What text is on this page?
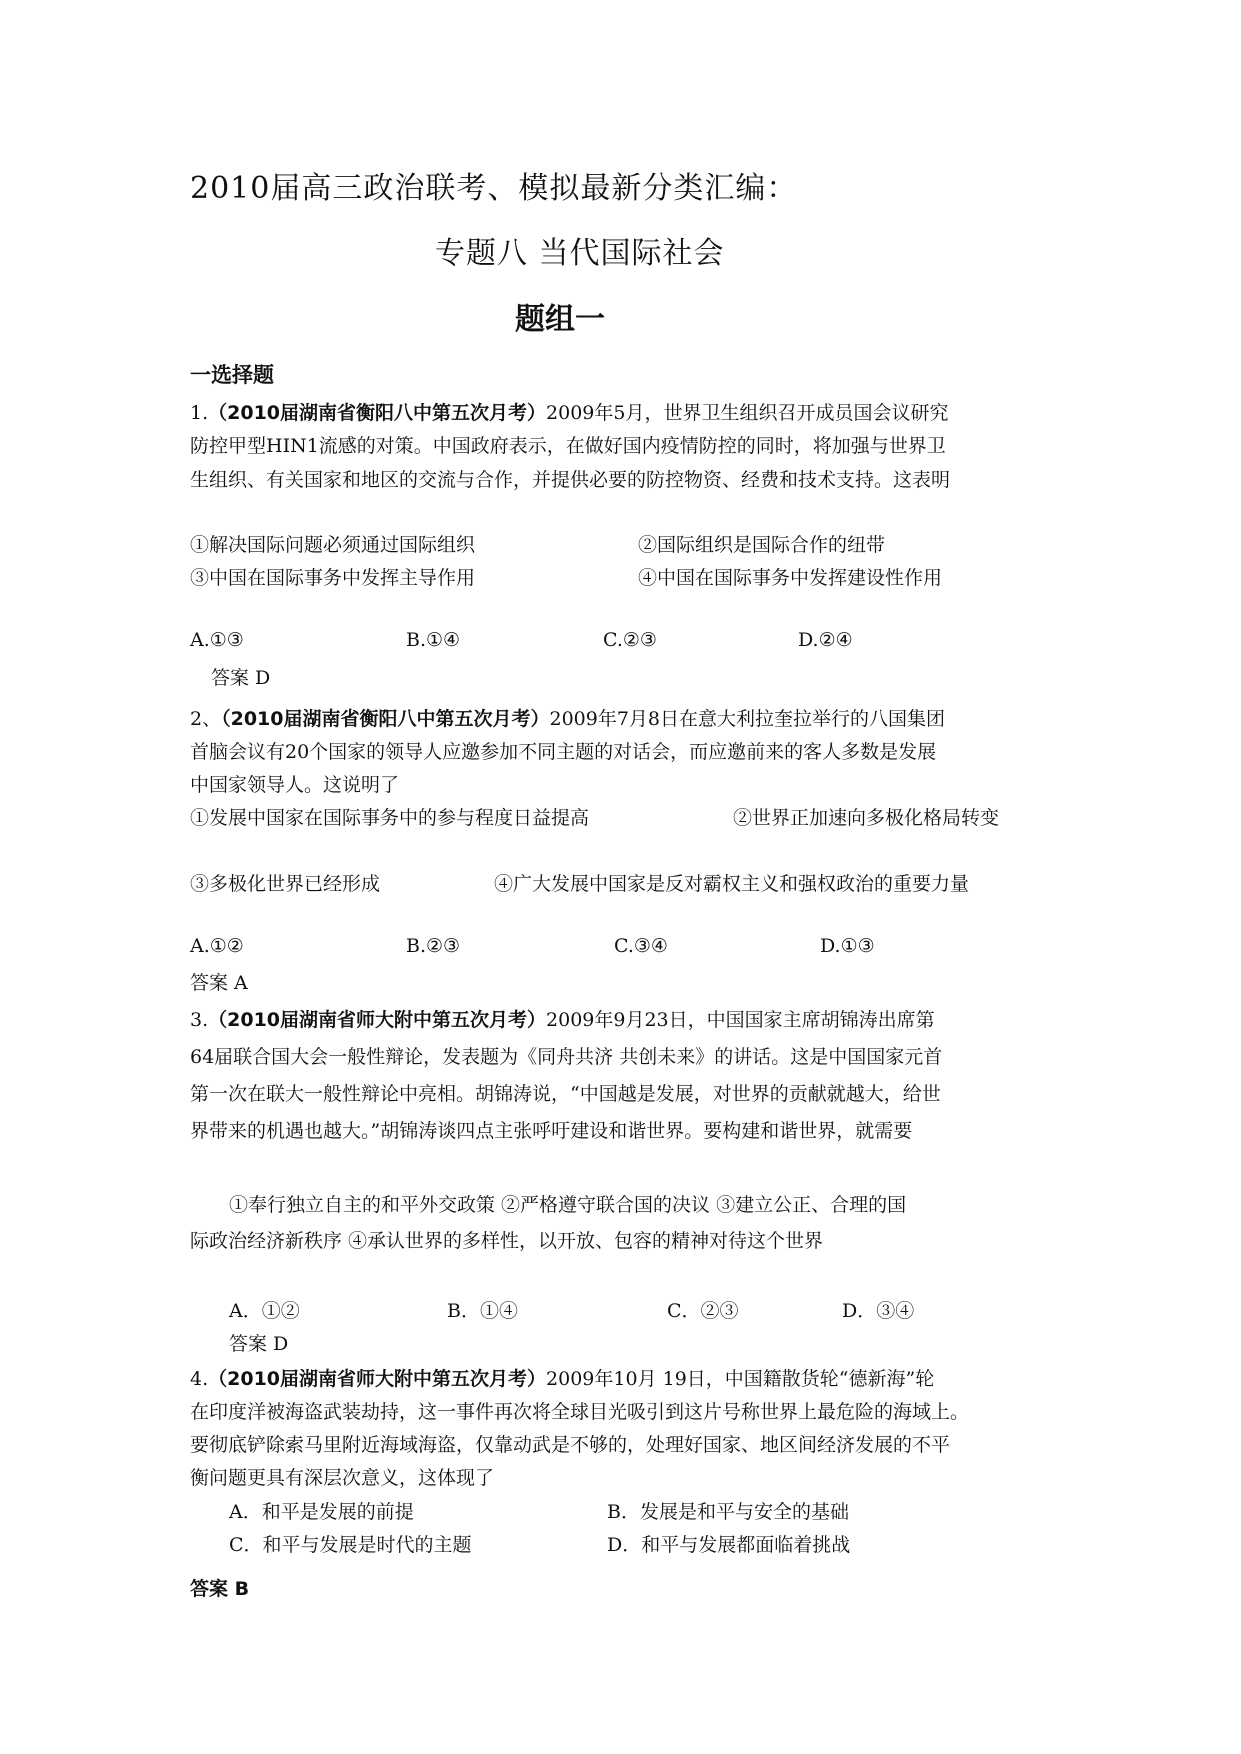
2010届高三政治联考、模拟最新分类汇编：
专题八 当代国际社会
题组一
一选择题
1.（2010届湖南省衡阳八中第五次月考）2009年5月，世界卫生组织召开成员国会议研究
防控甲型HIN1流感的对策。中国政府表示，在做好国内疫情防控的同时，将加强与世界卫
生组织、有关国家和地区的交流与合作，并提供必要的防控物资、经费和技术支持。这表明
①解决国际问题必须通过国际组织	②国际组织是国际合作的纽带
③中国在国际事务中发挥主导作用	④中国在国际事务中发挥建设性作用
A.①③	B.①④	C.②③	D.②④
答案 D
2、（2010届湖南省衡阳八中第五次月考）2009年7月8日在意大利拉奎拉举行的八国集团
首脑会议有20个国家的领导人应邀参加不同主题的对话会，而应邀前来的客人多数是发展
中国家领导人。这说明了
①发展中国家在国际事务中的参与程度日益提高	②世界正加速向多极化格局转变
③多极化世界已经形成	④广大发展中国家是反对霸权主义和强权政治的重要力量
A.①②	B.②③	C.③④	D.①③
答案 A
3.（2010届湖南省师大附中第五次月考）2009年9月23日，中国国家主席胡锦涛出席第
64届联合国大会一般性辩论，发表题为《同舟共济 共创未来》的讲话。这是中国国家元首
第一次在联大一般性辩论中亮相。胡锦涛说，“中国越是发展，对世界的贡献就越大，给世
界带来的机遇也越大。”胡锦涛谈四点主张呼吁建设和谐世界。要构建和谐世界，就需要
①奉行独立自主的和平外交政策 ②严格遵守联合国的决议 ③建立公正、合理的国
际政治经济新秩序 ④承认世界的多样性，以开放、包容的精神对待这个世界
A．①②	B．①④	C．②③	D．③④
答案 D
4.（2010届湖南省师大附中第五次月考）2009年10月 19日，中国籍散货轮“德新海”轮
在印度洋被海盗武装劫持，这一事件再次将全球目光吸引到这片号称世界上最危险的海域上。
要彻底铲除索马里附近海域海盗，仅靠动武是不够的，处理好国家、地区间经济发展的不平
衡问题更具有深层次意义，这体现了
A．和平是发展的前提	B．发展是和平与安全的基础
C．和平与发展是时代的主题	D．和平与发展都面临着挑战
答案 B
